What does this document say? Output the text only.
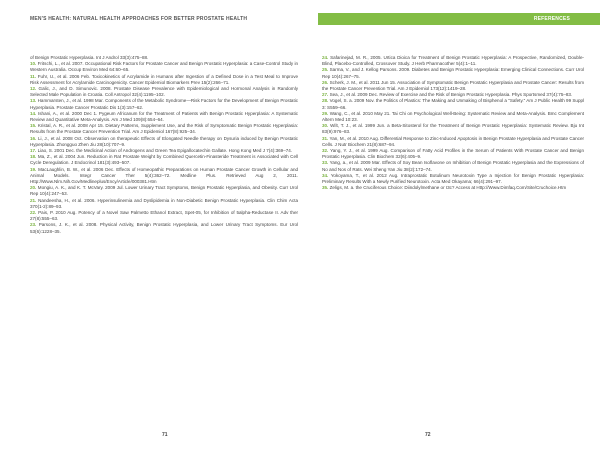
MEN'S HEALTH: NATURAL HEALTH APPROACHES FOR BETTER PROSTATE HEALTH	REFERENCES

of Benign Prostatic Hyperplasia. Int J Androl 33(3):475–88.

10. Fritschi, L., et al. 2007. Occupational Risk Factors for Prostate Cancer and Benign Prostatic Hyperplasia: a Case-Control Study in Western Australia. Occup Environ Med 64:60–65.

11. Fuhr, U., et al. 2006 Feb. Toxicokinetics of Acrylamide in Humans after Ingestion of a Defined Dose in a Test Meal to Improve Risk Assessment for Acrylamide Carcinogenicity. Cancer Epidemiol Biomarkers Prev 15(2):266–71.

12. Galic, J., and D. Simunovic. 2008. Prostate Disease Prevalence with Epidemiological and Hormonal Analysis in Randomly Selected Male Population in Croatia. Coll Antropol 32(4):1195–102.

13. Hammarsten, J., et al. 1998 Mar. Components of the Metabolic Syndrome—Risk Factors for the Development of Benign Prostatic Hyperplasia. Prostate Cancer Prostatic Dis 1(3):157–62.

14. Ishani, A., et al. 2000 Dec 1. Pygeum Africanum for the Treatment of Patients with Benign Prostatic Hyperplasia: A Systematic Review and Quantitative Meta-Analysis. Am J Med 109(8):654–64.

15. Kristal, A. R., et al. 2008 Apr 15. Dietary Patterns, Supplement Use, and the Risk of Symptomatic Benign Prostatic Hyperplasia: Results from the Prostate Cancer Prevention Trial. Am J Epidemiol 167(8):925–34.

16. Li, J., et al. 2008 Oct. Observation on therapeutic Effects of Elongated Needle therapy on Dysuria induced by Benign Prostatic Hyperplasia. Zhongguo Zhen Jiu 28(10):707–9.

17. Liao, S. 2001 Dec. the Medicinal Action of Androgens and Green Tea Epigallocatechin Gallate. Hong Kong Med J 7(4):369–74.

18. Ma, Z., et al. 2004 Jun. Reduction in Rat Prostate Weight by Combined Quercetin-Finasteride Treatment is Associated with Cell Cycle Deregulation. J Endocrinol 181(3):493–507.

19. MacLaughlin, B. W., et al. 2006 Dec. Effects of Homeopathic Preparations on Human Prostate Cancer Growth in Cellular and Animal Models. Integr Cancer Ther 5(4):362–72. Medline Plus. Retrieved Aug 2, 2011. Http://Www.Nlm.Nih.Gov/Medlineplus/Ency/Article/000381.Htm

20. Mongiu, A. K., and K. T. McVary. 2009 Jul. Lower Urinary Tract Symptoms, Benign Prostatic Hyperplasia, and Obesity. Curr Urol Rep 10(4):247–53.

21. Nandeesha, H., et al. 2006. Hyperinsulinemia and Dyslipidemia in Non-Diabetic Benign Prostatic Hyperplasia. Clin Chim Acta 370(1-2):89–93.

22. Pais, P. 2010 Aug. Potency of a Novel Saw Palmetto Ethanol Extract, Spet-05, for Inhibition of 5alpha-Reductase II. Adv ther 27(8):555–63.

23. Parsons, J. K., et al. 2008. Physical Activity, Benign Prostatic Hyperplasia, and Lower Urinary Tract Symptoms. Eur Urol 53(6):1228–35.

24. Safarinejad, M. R., 2005. Urtica Dioica for Treatment of Benign Prostatic Hyperplasia: A Prospective, Randomized, Double-Blind, Placebo-Controlled, Crossover Study. J Herb Pharmacother 5(4):1–11.

25. Sarma, V., and J. Kellog Parsons. 2009. Diabetes and Benign Prostatic Hyperplasia: Emerging Clinical Connections. Curr Urol Rep 10(4):267–75.

26. Scherk, J. M., et al. 2011 Jun 15. Association of Symptomatic Benign Prostatic Hyperplasia and Prostate Cancer: Results from the Prostate Cancer Prevention Trial. Am J Epidemiol 173(12):1419–28.

27. Sea, J., et al. 2009 Dec. Review of Exercise and the Risk of Benign Prostatic Hyperplasia. Phys Sportsmed 37(4):75–83.

28. Vogel, S. a. 2009 Nov. the Politics of Plastics: The Making and Unmaking of Bisphenol a "Safety." Am J Public Health 99 Suppl 3: S559–66.

29. Wang, C., et al. 2010 May 21. Tai Chi on Psychological Well-Being: Systematic Review and Meta-Analysis. Bmc Complement Altern Med 10:23.

30. Wilt, T. J., et al. 1999 Jun. a Beta-Sitosterol for the Treatment of Benign Prostatic Hyperplasia: Systematic Review. Bju Int 83(9):976–83.

31. Yan, M., et al. 2010 Aug. Differential Response to Zinc-Induced Apoptosis in Benign Prostate Hyperplasia and Prostate Cancer Cells. J Nutr Biochem 21(8):687–94.

32. Yang, Y. J., et al. 1999 Aug. Comparison of Fatty Acid Profiles in the Serum of Patients With Prostate Cancer and Benign Prostatic Hyperplasia. Clin Biochem 32(6):405–9.

33. Yang, a., et al. 2009 Mar. Effects of Soy Bean Isoflavone on Inhibition of Benign Prostatic Hyperplasia and the Expressions of No and Nos of Rats. Wei Sheng Yan Jiu 38(2):172–74.

34. Yokoyama, T., et al. 2012 Aug. Intraprostatic Botulinum Neurotoxin Type a Injection for Benign Prostatic Hyperplasia: Preliminary Results With a Newly Purified Neurotoxin. Acta Med Okayama; 66(4):291–97.

35. Zeligs, M. a. the Cruciferous Choice: Diindolylmethane or I3c? Access at Http://Www.Dimfaq.Com/Site/Cruchoice.Htm

71	72
